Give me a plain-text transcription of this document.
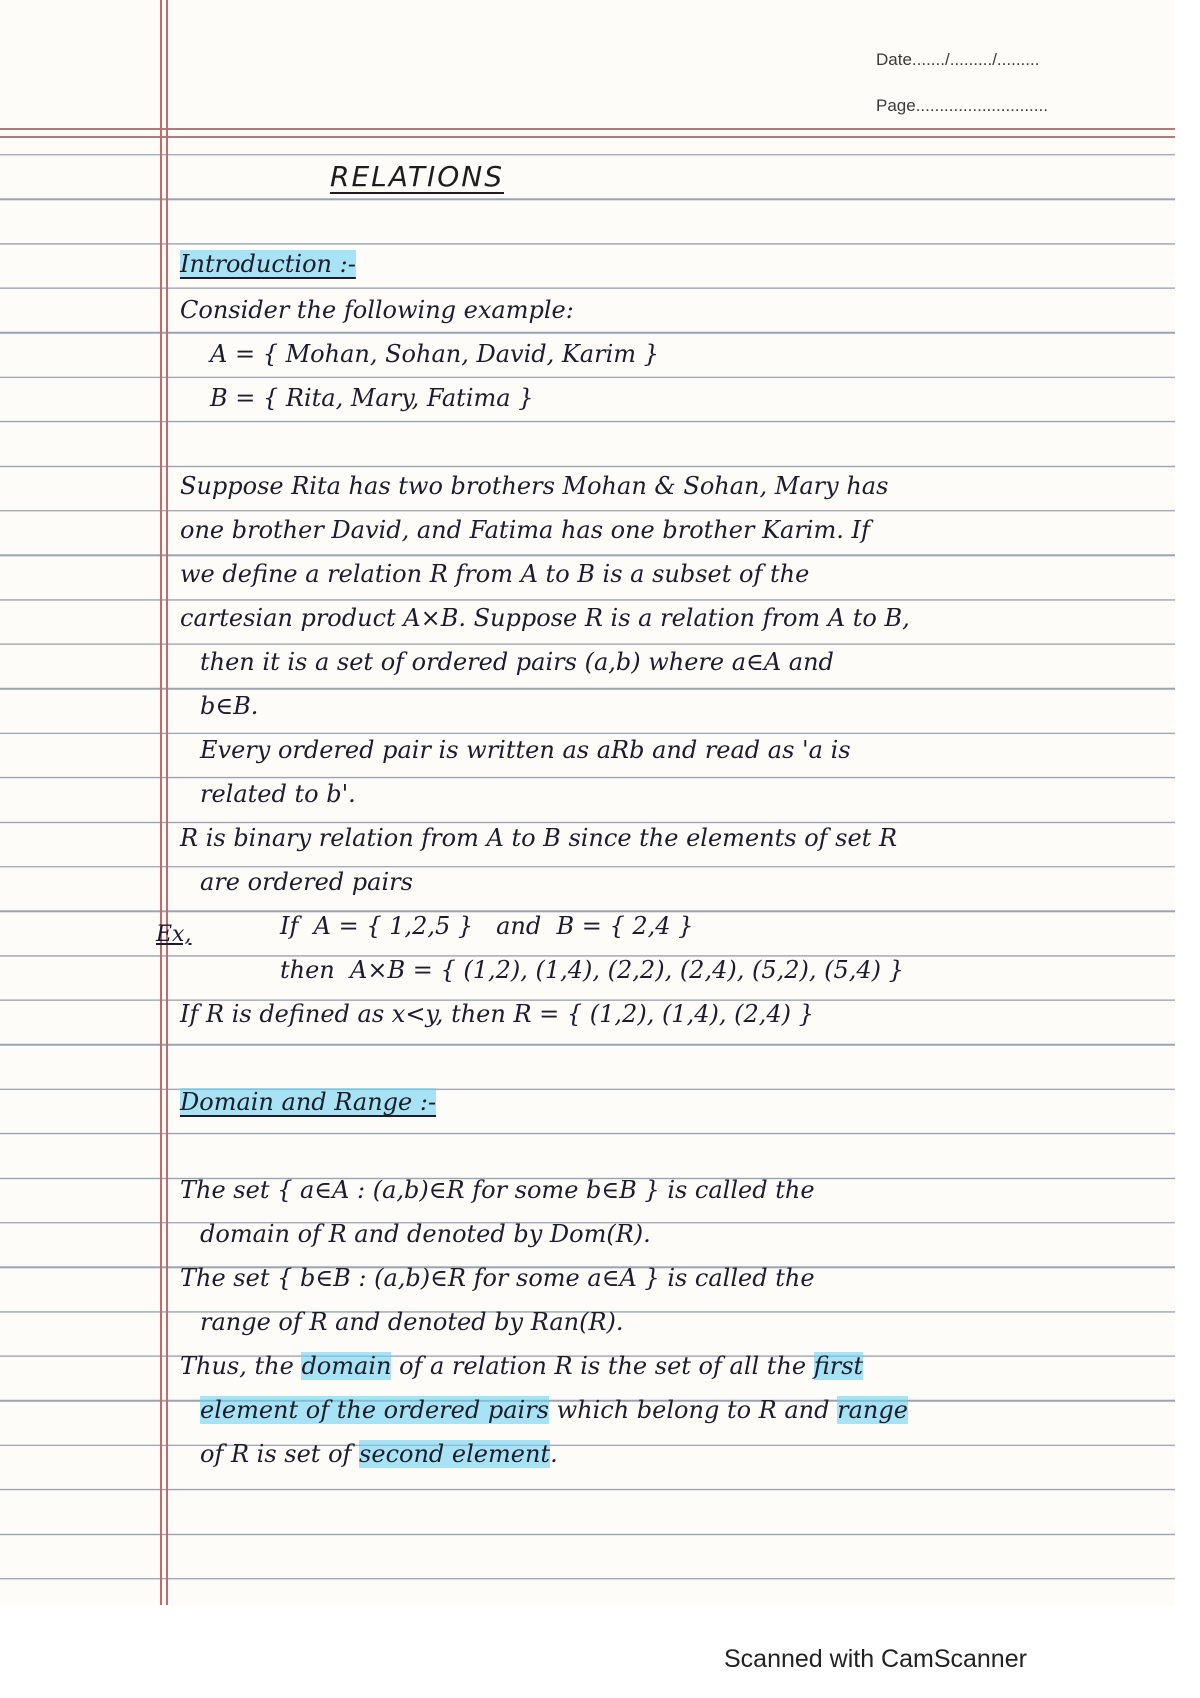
Date......./........./.........
Page............................
RELATIONS
Introduction :-
Consider the following example:
A = { Mohan, Sohan, David, Karim }
B = { Rita, Mary, Fatima }
Suppose Rita has two brothers Mohan & Sohan, Mary has
one brother David, and Fatima has one brother Karim. If
we define a relation R from A to B is a subset of the
cartesian product A×B. Suppose R is a relation from A to B,
then it is a set of ordered pairs (a,b) where a∈A and
b∈B.
Every ordered pair is written as aRb and read as 'a is
related to b'.
R is binary relation from A to B since the elements of set R
are ordered pairs
Ex,	If  A = { 1,2,5 }   and  B = { 2,4 }
then  A×B = { (1,2), (1,4), (2,2), (2,4), (5,2), (5,4) }
If R is defined as x<y, then R = { (1,2), (1,4), (2,4) }
Domain and Range :-
The set { a∈A : (a,b)∈R for some b∈B } is called the
domain of R and denoted by Dom(R).
The set { b∈B : (a,b)∈R for some a∈A } is called the
range of R and denoted by Ran(R).
Thus, the domain of a relation R is the set of all the first
element of the ordered pairs which belong to R and range
of R is set of second element.
Scanned with CamScanner
